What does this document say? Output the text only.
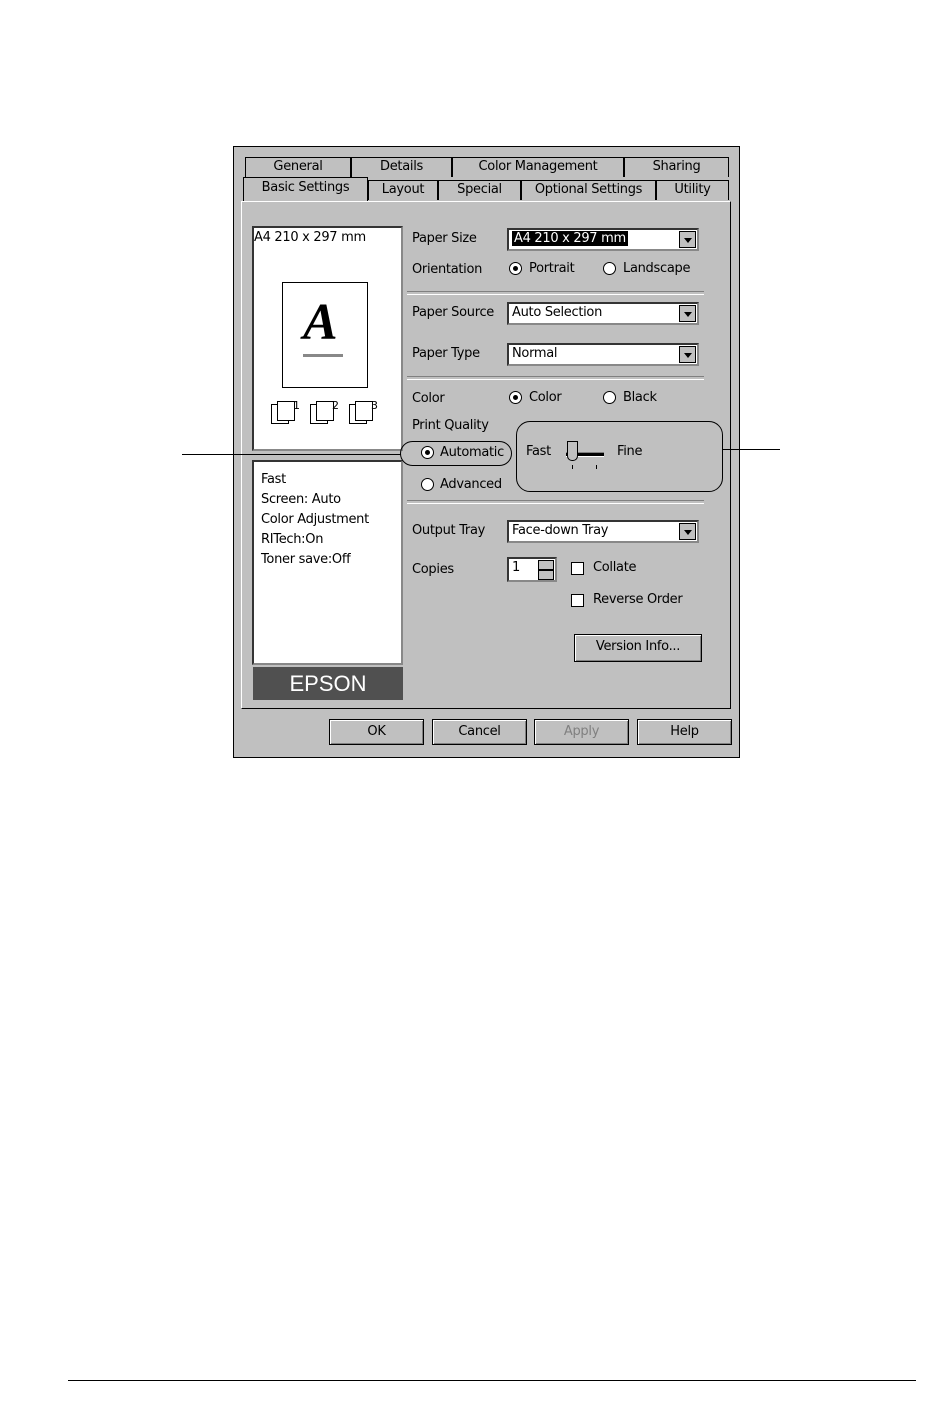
General	Details	Color Management	Sharing
Basic Settings	Layout	Special	Optional Settings	Utility
A4 210 x 297 mm
A
1	2	3
Fast
Screen: Auto
Color Adjustment
RITech:On
Toner save:Off
EPSON
Paper Size	A4 210 x 297 mm
Orientation	Portrait	Landscape
Paper Source Auto Selection
Paper Type Normal
Color	Color	Black
Print Quality
Automatic
Advanced
Fast	Fine
Output Tray Face-down Tray
Copies	1	Collate
Reverse Order
Version Info...
OK	Cancel	Apply	Help
